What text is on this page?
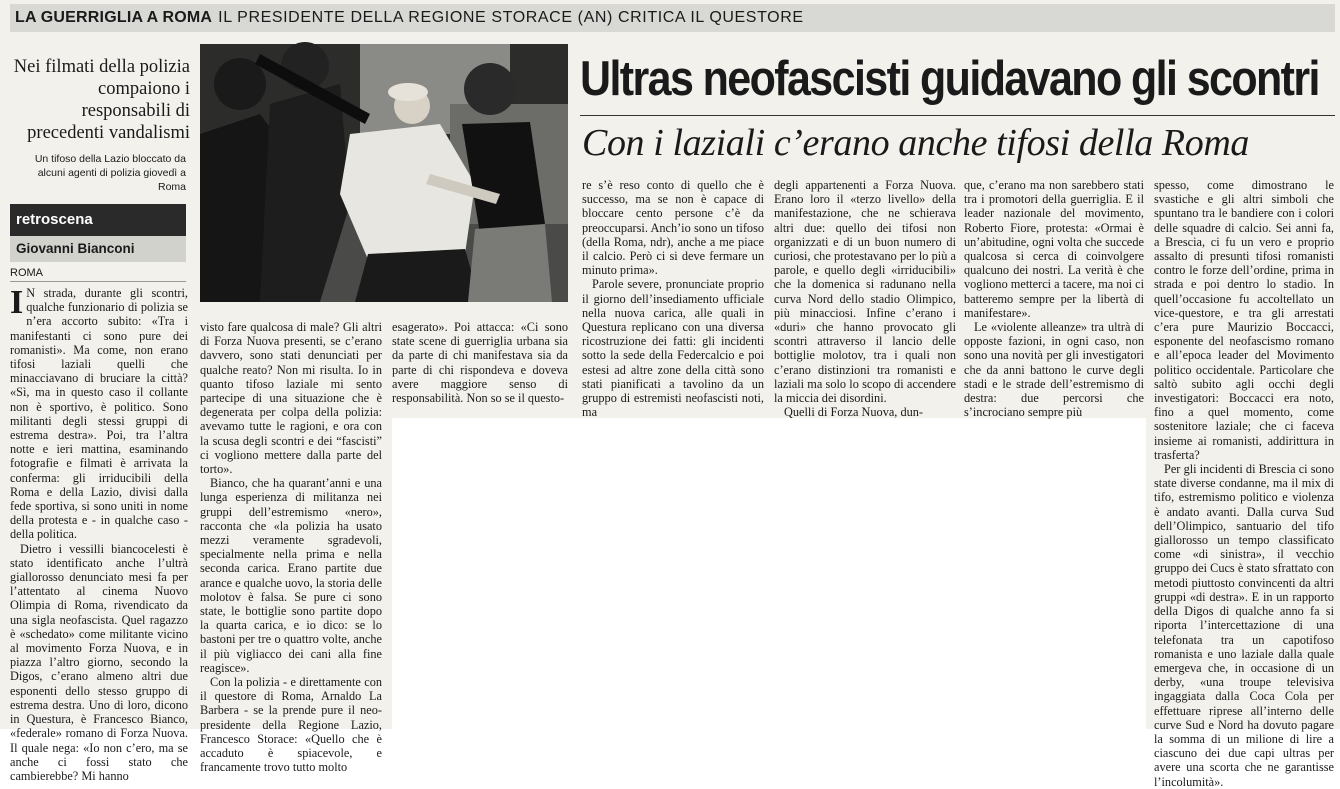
LA GUERRIGLIA A ROMA IL PRESIDENTE DELLA REGIONE STORACE (AN) CRITICA IL QUESTORE
Nei filmati della polizia compaiono i responsabili di precedenti vandalismi
Un tifoso della Lazio bloccato da alcuni agenti di polizia giovedì a Roma
Ultras neofascisti guidavano gli scontri
Con i laziali c’erano anche tifosi della Roma
retroscena
Giovanni Bianconi
ROMA

I N strada, durante gli scontri, qualche funzionario di polizia se n’era accorto subito: «Tra i manifestanti ci sono pure dei romanisti». Ma come, non erano tifosi laziali quelli che minacciavano di bruciare la città? «Sì, ma in questo caso il collante non è sportivo, è politico. Sono militanti degli stessi gruppi di estrema destra». Poi, tra l’altra notte e ieri mattina, esaminando fotografie e filmati è arrivata la conferma: gli irriducibili della Roma e della Lazio, divisi dalla fede sportiva, si sono uniti in nome della protesta e - in qualche caso - della politica.

Dietro i vessilli biancocelesti è stato identificato anche l’ultrà giallorosso denunciato mesi fa per l’attentato al cinema Nuovo Olimpia di Roma, rivendicato da una sigla neofascista. Quel ragazzo è «schedato» come militante vicino al movimento Forza Nuova, e in piazza l’altro giorno, secondo la Digos, c’erano almeno altri due esponenti dello stesso gruppo di estrema destra. Uno di loro, dicono in Questura, è Francesco Bianco, «federale» romano di Forza Nuova. Il quale nega: «Io non c’ero, ma se anche ci fossi stato che cambierebbe? Mi hanno

visto fare qualcosa di male? Gli altri di Forza Nuova presenti, se c’erano davvero, sono stati denunciati per qualche reato? Non mi risulta. Io in quanto tifoso laziale mi sento partecipe di una situazione che è degenerata per colpa della polizia: avevamo tutte le ragioni, e ora con la scusa degli scontri e dei “fascisti” ci vogliono mettere dalla parte del torto».

Bianco, che ha quarant’anni e una lunga esperienza di militanza nei gruppi dell’estremismo «nero», racconta che «la polizia ha usato mezzi veramente sgradevoli, specialmente nella prima e nella seconda carica. Erano partite due arance e qualche uovo, la storia delle molotov è falsa. Se pure ci sono state, le bottiglie sono partite dopo la quarta carica, e io dico: se lo bastoni per tre o quattro volte, anche il più vigliacco dei cani alla fine reagisce».

Con la polizia - e direttamente con il questore di Roma, Arnaldo La Barbera - se la prende pure il neo-presidente della Regione Lazio, Francesco Storace: «Quello che è accaduto è spiacevole, e francamente trovo tutto molto

esagerato». Poi attacca: «Ci sono state scene di guerriglia urbana sia da parte di chi manifestava sia da parte di chi rispondeva e doveva avere maggiore senso di responsabilità. Non so se il questo-

re s’è reso conto di quello che è successo, ma se non è capace di bloccare cento persone c’è da preoccuparsi. Anch’io sono un tifoso (della Roma, ndr), anche a me piace il calcio. Però ci si deve fermare un minuto prima».

Parole severe, pronunciate proprio il giorno dell’insediamento ufficiale nella nuova carica, alle quali in Questura replicano con una diversa ricostruzione dei fatti: gli incidenti sotto la sede della Federcalcio e poi estesi ad altre zone della città sono stati pianificati a tavolino da un gruppo di estremisti neofascisti noti, ma

degli appartenenti a Forza Nuova. Erano loro il «terzo livello» della manifestazione, che ne schierava altri due: quello dei tifosi non organizzati e di un buon numero di curiosi, che protestavano per lo più a parole, e quello degli «irriducibili» che la domenica si radunano nella curva Nord dello stadio Olimpico, più minacciosi. Infine c’erano i «duri» che hanno provocato gli scontri attraverso il lancio delle bottiglie molotov, tra i quali non c’erano distinzioni tra romanisti e laziali ma solo lo scopo di accendere la miccia dei disordini.

Quelli di Forza Nuova, dun-

que, c’erano ma non sarebbero stati tra i promotori della guerriglia. E il leader nazionale del movimento, Roberto Fiore, protesta: «Ormai è un’abitudine, ogni volta che succede qualcosa si cerca di coinvolgere qualcuno dei nostri. La verità è che vogliono metterci a tacere, ma noi ci batteremo sempre per la libertà di manifestare».

Le «violente alleanze» tra ultrà di opposte fazioni, in ogni caso, non sono una novità per gli investigatori che da anni battono le curve degli stadi e le strade dell’estremismo di destra: due percorsi che s’incrociano sempre più

spesso, come dimostrano le svastiche e gli altri simboli che spuntano tra le bandiere con i colori delle squadre di calcio. Sei anni fa, a Brescia, ci fu un vero e proprio assalto di presunti tifosi romanisti contro le forze dell’ordine, prima in strada e poi dentro lo stadio. In quell’occasione fu accoltellato un vice-questore, e tra gli arrestati c’era pure Maurizio Boccacci, esponente del neofascismo romano e all’epoca leader del Movimento politico occidentale. Particolare che saltò subito agli occhi degli investigatori: Boccacci era noto, fino a quel momento, come sostenitore laziale; che ci faceva insieme ai romanisti, addirittura in trasferta?

Per gli incidenti di Brescia ci sono state diverse condanne, ma il mix di tifo, estremismo politico e violenza è andato avanti. Dalla curva Sud dell’Olimpico, santuario del tifo giallorosso un tempo classificato come «di sinistra», il vecchio gruppo dei Cucs è stato sfrattato con metodi piuttosto convincenti da altri gruppi «di destra». E in un rapporto della Digos di qualche anno fa si riporta l’intercettazione di una telefonata tra un capotifoso romanista e uno laziale dalla quale emergeva che, in occasione di un derby, «una troupe televisiva ingaggiata dalla Coca Cola per effettuare riprese all’interno delle curve Sud e Nord ha dovuto pagare la somma di un milione di lire a ciascuno dei due capi ultras per avere una scorta che ne garantisse l’incolumità».
